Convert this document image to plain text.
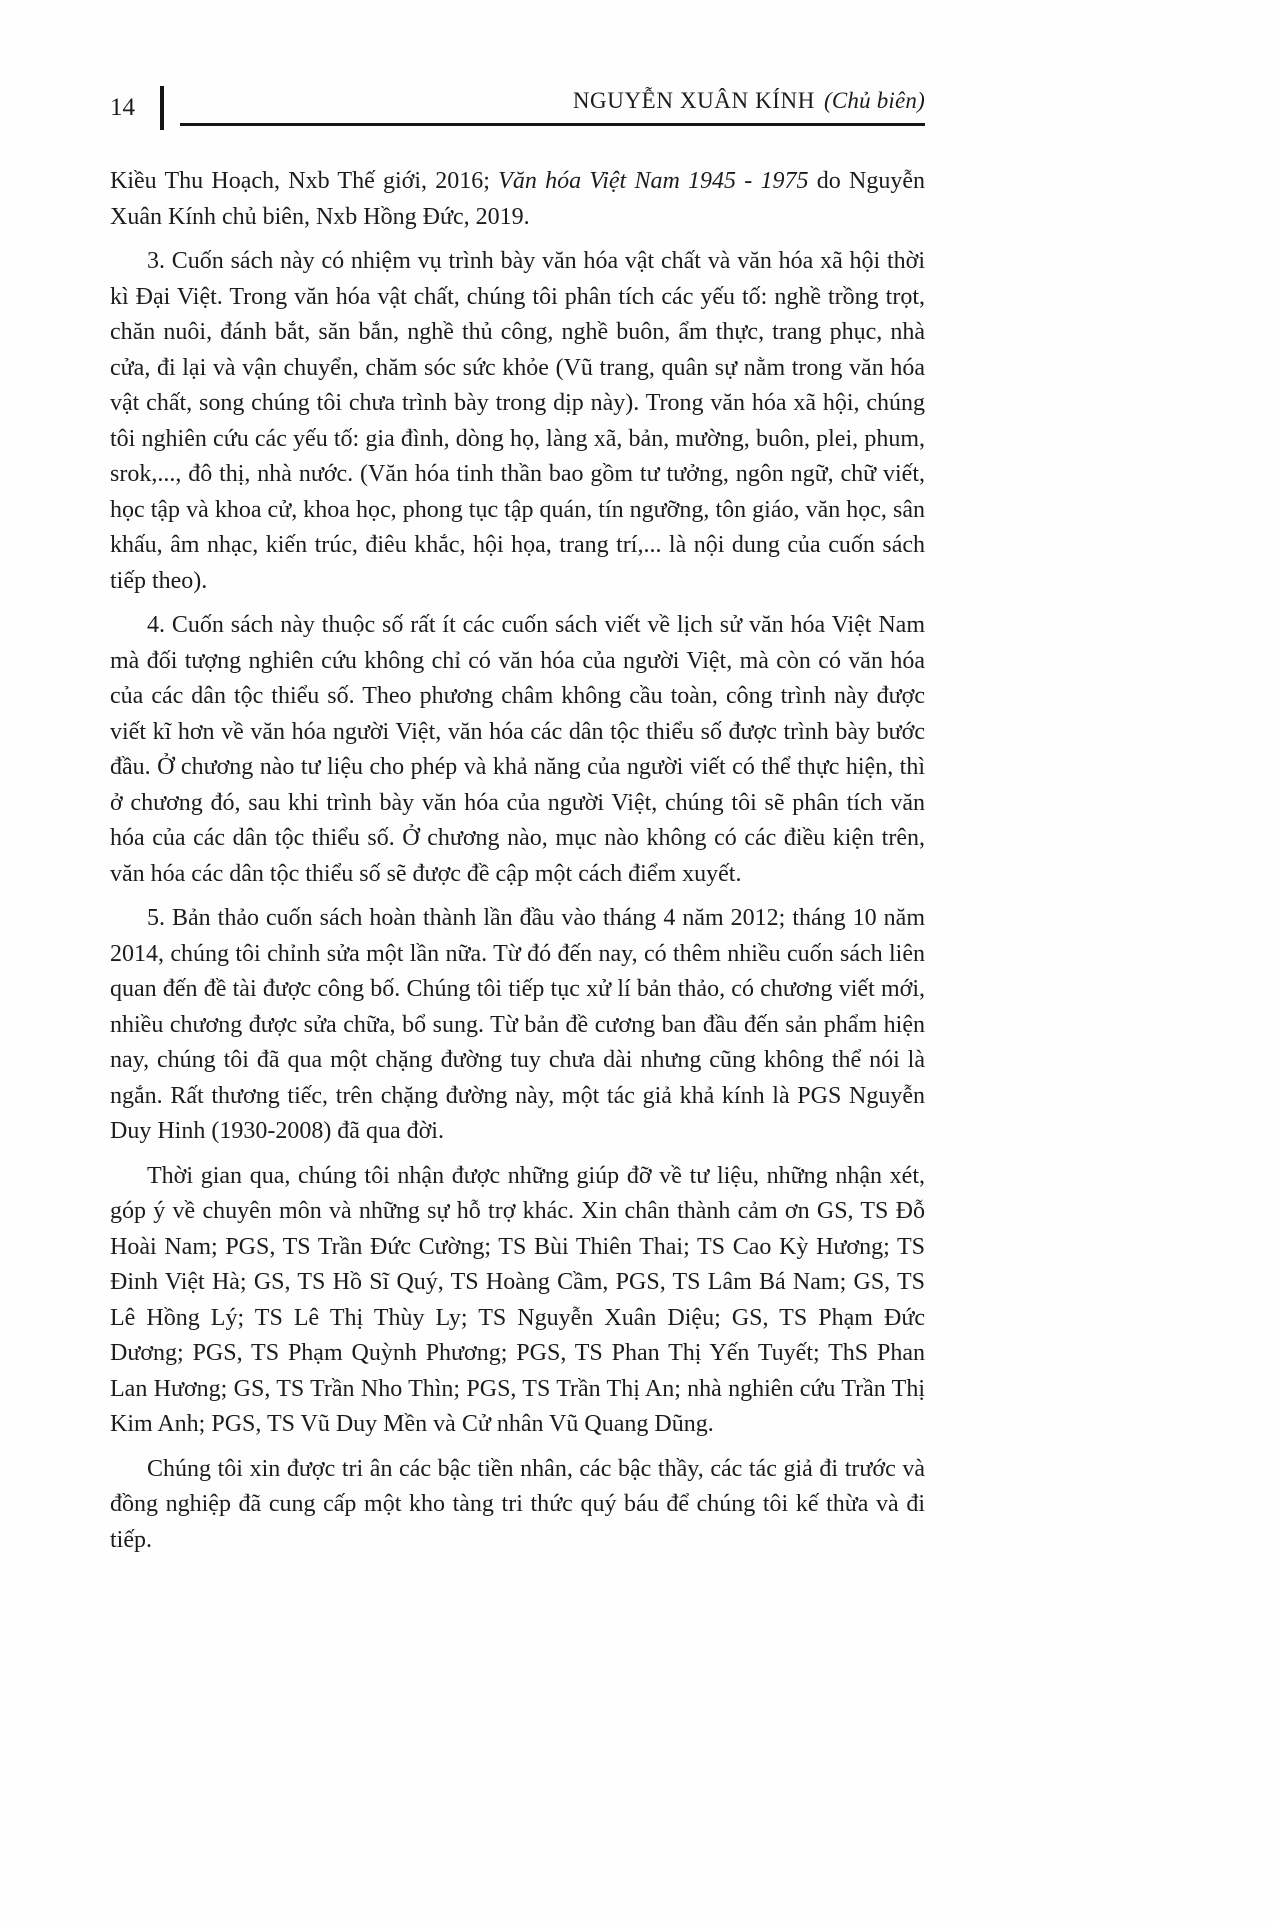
14	NGUYỄN XUÂN KÍNH (Chủ biên)

Kiều Thu Hoạch, Nxb Thế giới, 2016; Văn hóa Việt Nam 1945 - 1975 do Nguyễn Xuân Kính chủ biên, Nxb Hồng Đức, 2019.

3. Cuốn sách này có nhiệm vụ trình bày văn hóa vật chất và văn hóa xã hội thời kì Đại Việt. Trong văn hóa vật chất, chúng tôi phân tích các yếu tố: nghề trồng trọt, chăn nuôi, đánh bắt, săn bắn, nghề thủ công, nghề buôn, ẩm thực, trang phục, nhà cửa, đi lại và vận chuyển, chăm sóc sức khỏe (Vũ trang, quân sự nằm trong văn hóa vật chất, song chúng tôi chưa trình bày trong dịp này). Trong văn hóa xã hội, chúng tôi nghiên cứu các yếu tố: gia đình, dòng họ, làng xã, bản, mường, buôn, plei, phum, srok,..., đô thị, nhà nước. (Văn hóa tinh thần bao gồm tư tưởng, ngôn ngữ, chữ viết, học tập và khoa cử, khoa học, phong tục tập quán, tín ngưỡng, tôn giáo, văn học, sân khấu, âm nhạc, kiến trúc, điêu khắc, hội họa, trang trí,... là nội dung của cuốn sách tiếp theo).

4. Cuốn sách này thuộc số rất ít các cuốn sách viết về lịch sử văn hóa Việt Nam mà đối tượng nghiên cứu không chỉ có văn hóa của người Việt, mà còn có văn hóa của các dân tộc thiểu số. Theo phương châm không cầu toàn, công trình này được viết kĩ hơn về văn hóa người Việt, văn hóa các dân tộc thiểu số được trình bày bước đầu. Ở chương nào tư liệu cho phép và khả năng của người viết có thể thực hiện, thì ở chương đó, sau khi trình bày văn hóa của người Việt, chúng tôi sẽ phân tích văn hóa của các dân tộc thiểu số. Ở chương nào, mục nào không có các điều kiện trên, văn hóa các dân tộc thiểu số sẽ được đề cập một cách điểm xuyết.

5. Bản thảo cuốn sách hoàn thành lần đầu vào tháng 4 năm 2012; tháng 10 năm 2014, chúng tôi chỉnh sửa một lần nữa. Từ đó đến nay, có thêm nhiều cuốn sách liên quan đến đề tài được công bố. Chúng tôi tiếp tục xử lí bản thảo, có chương viết mới, nhiều chương được sửa chữa, bổ sung. Từ bản đề cương ban đầu đến sản phẩm hiện nay, chúng tôi đã qua một chặng đường tuy chưa dài nhưng cũng không thể nói là ngắn. Rất thương tiếc, trên chặng đường này, một tác giả khả kính là PGS Nguyễn Duy Hinh (1930-2008) đã qua đời.

Thời gian qua, chúng tôi nhận được những giúp đỡ về tư liệu, những nhận xét, góp ý về chuyên môn và những sự hỗ trợ khác. Xin chân thành cảm ơn GS, TS Đỗ Hoài Nam; PGS, TS Trần Đức Cường; TS Bùi Thiên Thai; TS Cao Kỳ Hương; TS Đinh Việt Hà; GS, TS Hồ Sĩ Quý, TS Hoàng Cầm, PGS, TS Lâm Bá Nam; GS, TS Lê Hồng Lý; TS Lê Thị Thùy Ly; TS Nguyễn Xuân Diệu; GS, TS Phạm Đức Dương; PGS, TS Phạm Quỳnh Phương; PGS, TS Phan Thị Yến Tuyết; ThS Phan Lan Hương; GS, TS Trần Nho Thìn; PGS, TS Trần Thị An; nhà nghiên cứu Trần Thị Kim Anh; PGS, TS Vũ Duy Mền và Cử nhân Vũ Quang Dũng.

Chúng tôi xin được tri ân các bậc tiền nhân, các bậc thầy, các tác giả đi trước và đồng nghiệp đã cung cấp một kho tàng tri thức quý báu để chúng tôi kế thừa và đi tiếp.
